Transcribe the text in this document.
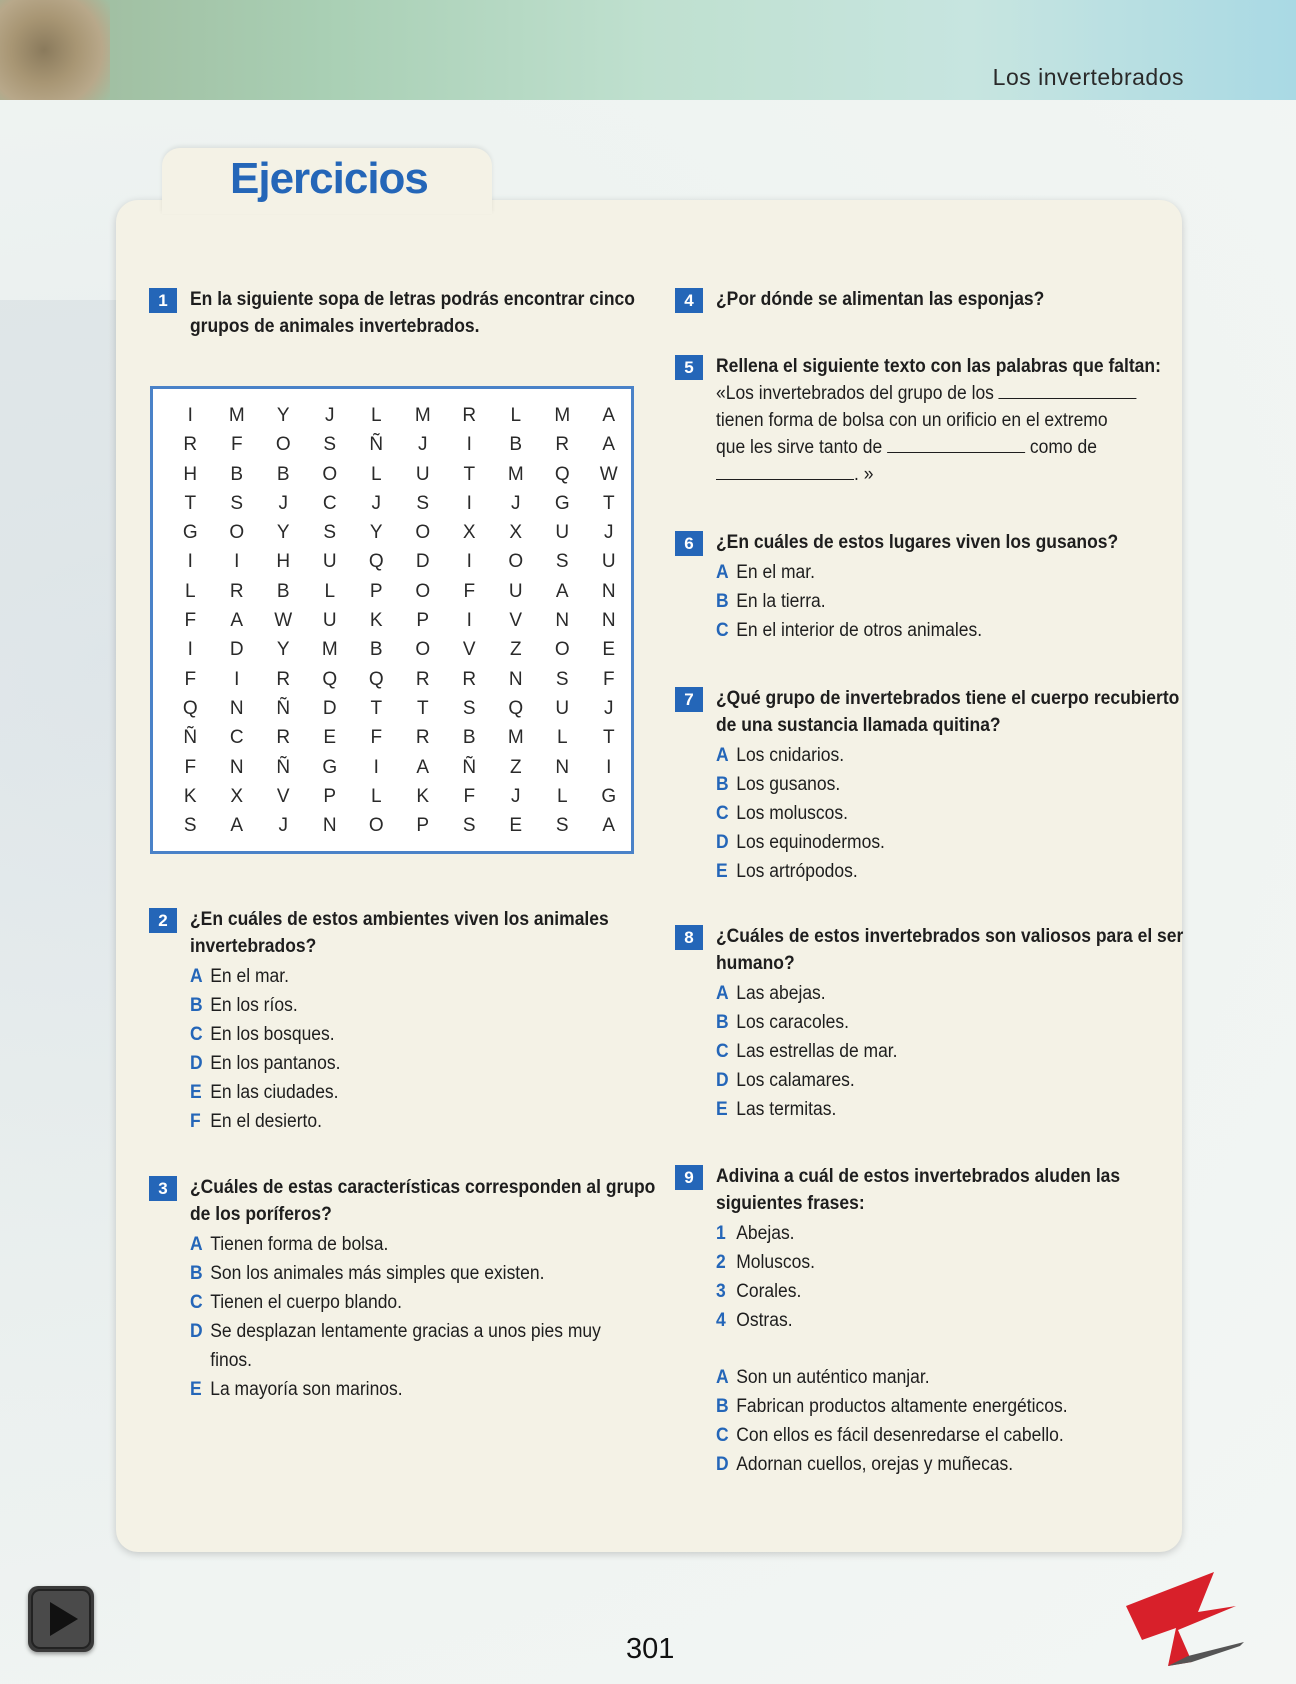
Los invertebrados
Ejercicios
1	En la siguiente sopa de letras podrás encontrar cinco grupos de animales invertebrados.
I	M	Y	J	L	M	R	L	M	A
R	F	O	S	Ñ	J	I	B	R	A
H	B	B	O	L	U	T	M	Q	W
T	S	J	C	J	S	I	J	G	T
G	O	Y	S	Y	O	X	X	U	J
I	I	H	U	Q	D	I	O	S	U
L	R	B	L	P	O	F	U	A	N
F	A	W	U	K	P	I	V	N	N
I	D	Y	M	B	O	V	Z	O	E
F	I	R	Q	Q	R	R	N	S	F
Q	N	Ñ	D	T	T	S	Q	U	J
Ñ	C	R	E	F	R	B	M	L	T
F	N	Ñ	G	I	A	Ñ	Z	N	I
K	X	V	P	L	K	F	J	L	G
S	A	J	N	O	P	S	E	S	A
2	¿En cuáles de estos ambientes viven los animales invertebrados?
A En el mar.
B En los ríos.
C En los bosques.
D En los pantanos.
E En las ciudades.
F En el desierto.
3	¿Cuáles de estas características corresponden al grupo de los poríferos?
A Tienen forma de bolsa.
B Son los animales más simples que existen.
C Tienen el cuerpo blando.
D Se desplazan lentamente gracias a unos pies muy finos.
E La mayoría son marinos.
4	¿Por dónde se alimentan las esponjas?
5	Rellena el siguiente texto con las palabras que faltan:
«Los invertebrados del grupo de los
tienen forma de bolsa con un orificio en el extremo
que les sirve tanto de	como de
. »
6	¿En cuáles de estos lugares viven los gusanos?
A En el mar.
B En la tierra.
C En el interior de otros animales.
7	¿Qué grupo de invertebrados tiene el cuerpo recubierto de una sustancia llamada quitina?
A Los cnidarios.
B Los gusanos.
C Los moluscos.
D Los equinodermos.
E Los artrópodos.
8	¿Cuáles de estos invertebrados son valiosos para el ser humano?
A Las abejas.
B Los caracoles.
C Las estrellas de mar.
D Los calamares.
E Las termitas.
9	Adivina a cuál de estos invertebrados aluden las siguientes frases:
1 Abejas.
2 Moluscos.
3 Corales.
4 Ostras.
A Son un auténtico manjar.
B Fabrican productos altamente energéticos.
C Con ellos es fácil desenredarse el cabello.
D Adornan cuellos, orejas y muñecas.
301
